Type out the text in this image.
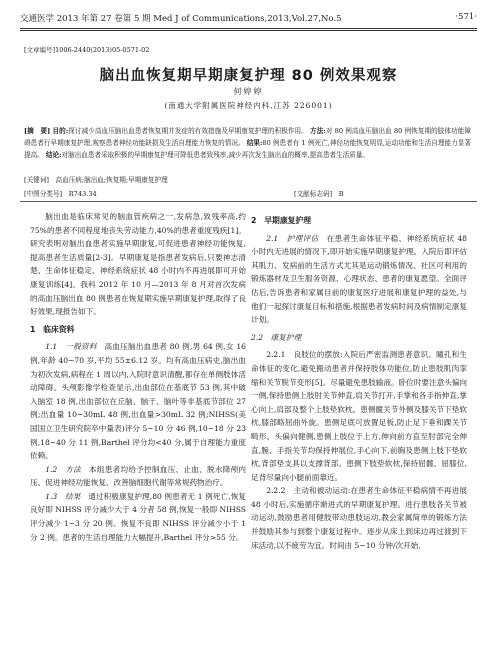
交通医学 2013 年第 27 卷第 5 期 Med J of Communications,2013,Vol.27,No.5	·571·
[文章编号]1006-2440(2013)05-0571-02
脑出血恢复期早期康复护理 80 例效果观察
何婷婷
(南通大学附属医院神经内科,江苏 226001)
[摘　要] 目的:探讨减少高血压脑出血患者恢复期并发症的有效措施及早期康复护理的积极作用。 方法:对 80 例高血压脑出血 80 例恢复期的肢体功能障碍患者行早期康复护理,观察患者神经功能缺损及生活自理能力恢复的情况。 结果:80 例患者有 1 例死亡,神经功能恢复明显,运动功能和生活自理能力显著提高。 结论:对脑出血患者采取积极的早期康复护理可降低患者致残率,减少再次发生脑出血的概率,提高患者生活质量。
[关键词]　高血压病;脑出血;恢复期;早期康复护理
[中图分类号]　R743.34	[文献标志码]　B

脑出血是临床常见的脑血管疾病之一,发病急,致残率高,约 75%的患者不同程度地丧失劳动能力,40%的患者重度残疾[1]。研究表明对脑出血患者实施早期康复,可促进患者神经功能恢复,提高患者生活质量[2-3]。早期康复是指患者发病后,只要神志清楚、生命体征稳定、神经系统症状 48 小时内不再进展即可开始康复训练[4]。我科 2012 年 10 月—2013 年 8 月对首次发病的高血压脑出血 80 例患者在恢复期实施早期康复护理,取得了良好效果,现报告如下。

1　临床资料

1.1　一般资料　 高血压脑出血患者 80 例,男 64 例,女 16 例,年龄 40~70 岁,平均 55±6.12 岁。均有高血压病史,脑出血为初次发病,病程在 1 周以内,入院时意识清醒,都存在单侧肢体活动障碍。头颅影像学检查显示,出血部位在基底节 53 例,其中破入脑室 18 例,出血部位在丘脑、脑干、脑叶等非基底节部位 27 例;出血量 10~30mL 48 例,出血量>30mL 32 例;NIHSS(美国国立卫生研究院卒中量表)评分 5~10 分 46 例,10~18 分 23 例,18~40 分 11 例,Barthel 评分均<40 分,属于自理能力重度依赖。

1.2　方法　 本组患者均给予控制血压、止血、脱水降颅内压、促进神经功能恢复、改善脑细胞代谢等常规药物治疗。

1.3　结果　 通过积极康复护理,80 例患者无 1 例死亡,恢复良好即 NIHSS 评分减少大于 4 分者 58 例,恢复一般即 NIHSS 评分减少 1~3 分 20 例。恢复不良即 NIHSS 评分减少小于 1 分 2 例。患者的生活自理能力大幅提升,Barthel 评分>55 分。

2　早期康复护理

2.1　护理评估　 在患者生命体征平稳、神经系统症状 48 小时内无进展的情况下,即开始实施早期康复护理。入院后即评估其肌力、发病前的生活方式尤其是运动锻炼情况、社区可利用的锻炼器材及卫生服务资源、心理状态、患者的康复愿望。全面评估后,告诉患者和家属目前的康复医疗进展和康复护理的益处,与他们一起探讨康复目标和措施,根据患者发病时间及病情制定康复计划。

2.2　康复护理

2.2.1　良肢位的摆放:入院后严密监测患者意识、瞳孔和生命体征的变化,避免搬动患者并保持肢体功能位,防止患肢肌肉挛缩和关节脱节变形[5]。尽量避免患肢输液。卧位时要注意头偏向一侧,保持患侧上肢肘关节伸直,肩关节打开,手掌和各手指伸直,掌心向上,肩部及整个上肢垫软枕。患侧髋关节外侧及膝关节下垫软枕,膝部略屈曲外旋。患侧足底可放置足板,防止足下垂和踝关节畸形。头偏向健侧,患侧上肢位于上方,伸向前方直至肘部完全伸直,腕、手指关节均保持伸展位,手心向下,前胸及患侧上肢下垫软枕,背部垫支具以支撑背部。患侧下肢垫软枕,保持屈髋、屈膝位,足背尽量向小腿前面靠近。

2.2.2　主动和被动运动:在患者生命体征平稳病情不再进展 48 小时后,实施循序渐进式的早期康复护理。进行患肢各关节被动运动,鼓励患者用健肢带动患肢运动,教会家属简单的锻炼方法并鼓励其参与到整个康复过程中。逐步从床上到床边再过渡到下床活动,以不疲劳为宜。时间由 5~10 分钟/次开始,
